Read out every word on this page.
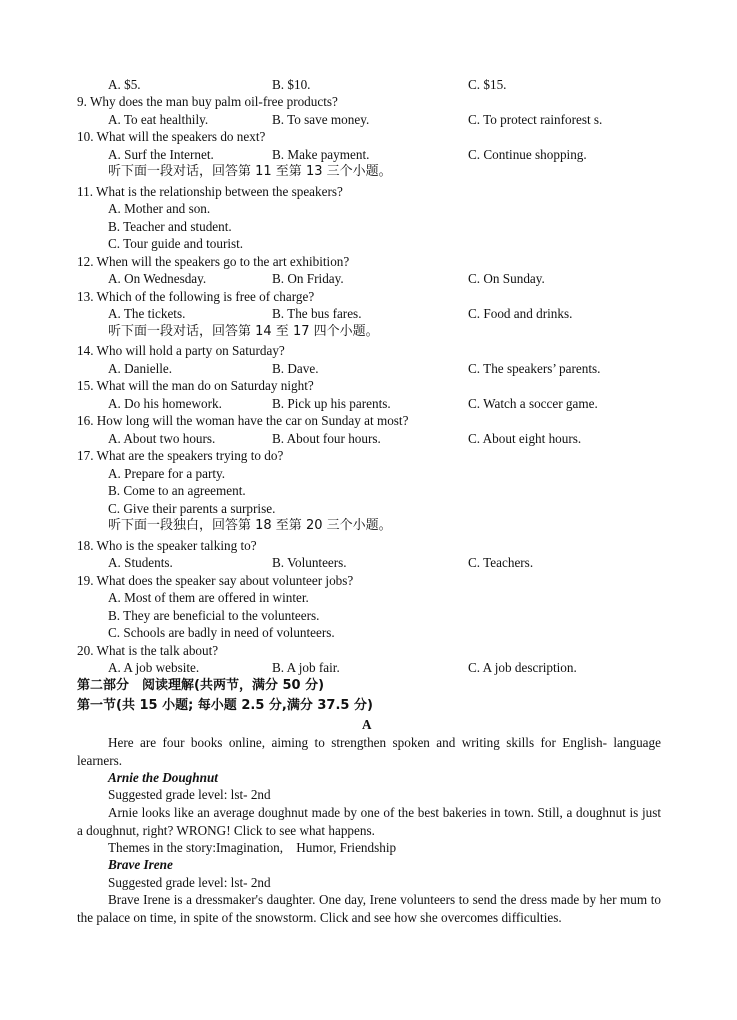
A. $5.	B. $10.	C. $15.
9. Why does the man buy palm oil-free products?
A. To eat healthily.	B. To save money.	C. To protect rainforest s.
10. What will the speakers do next?
A. Surf the Internet.	B. Make payment.	C. Continue shopping.
听下面一段对话，回答第 11 至第 13 三个小题。
11. What is the relationship between the speakers?
A. Mother and son.
B. Teacher and student.
C. Tour guide and tourist.
12. When will the speakers go to the art exhibition?
A. On Wednesday.	B. On Friday.	C. On Sunday.
13. Which of the following is free of charge?
A. The tickets.	B. The bus fares.	C. Food and drinks.
听下面一段对话，回答第 14 至 17 四个小题。
14. Who will hold a party on Saturday?
A. Danielle.	B. Dave.	C. The speakers’ parents.
15. What will the man do on Saturday night?
A. Do his homework.	B. Pick up his parents.	C. Watch a soccer game.
16. How long will the woman have the car on Sunday at most?
A. About two hours.	B. About four hours.	C. About eight hours.
17. What are the speakers trying to do?
A. Prepare for a party.
B. Come to an agreement.
C. Give their parents a surprise.
听下面一段独白，回答第 18 至第 20 三个小题。
18. Who is the speaker talking to?
A. Students.	B. Volunteers.	C. Teachers.
19. What does the speaker say about volunteer jobs?
A. Most of them are offered in winter.
B. They are beneficial to the volunteers.
C. Schools are badly in need of volunteers.
20. What is the talk about?
A. A job website.	B. A job fair.	C. A job description.
第二部分　阅读理解(共两节，满分 50 分)
第一节(共 15 小题; 每小题 2.5 分,满分 37.5 分)
A
Here are four books online, aiming to strengthen spoken and writing skills for English- language learners.
Arnie the Doughnut
Suggested grade level: lst- 2nd
Arnie looks like an average doughnut made by one of the best bakeries in town. Still, a doughnut is just a doughnut, right? WRONG! Click to see what happens.
Themes in the story:Imagination,　Humor, Friendship
Brave Irene
Suggested grade level: lst- 2nd
Brave Irene is a dressmaker's daughter. One day, Irene volunteers to send the dress made by her mum to the palace on time, in spite of the snowstorm. Click and see how she overcomes difficulties.
